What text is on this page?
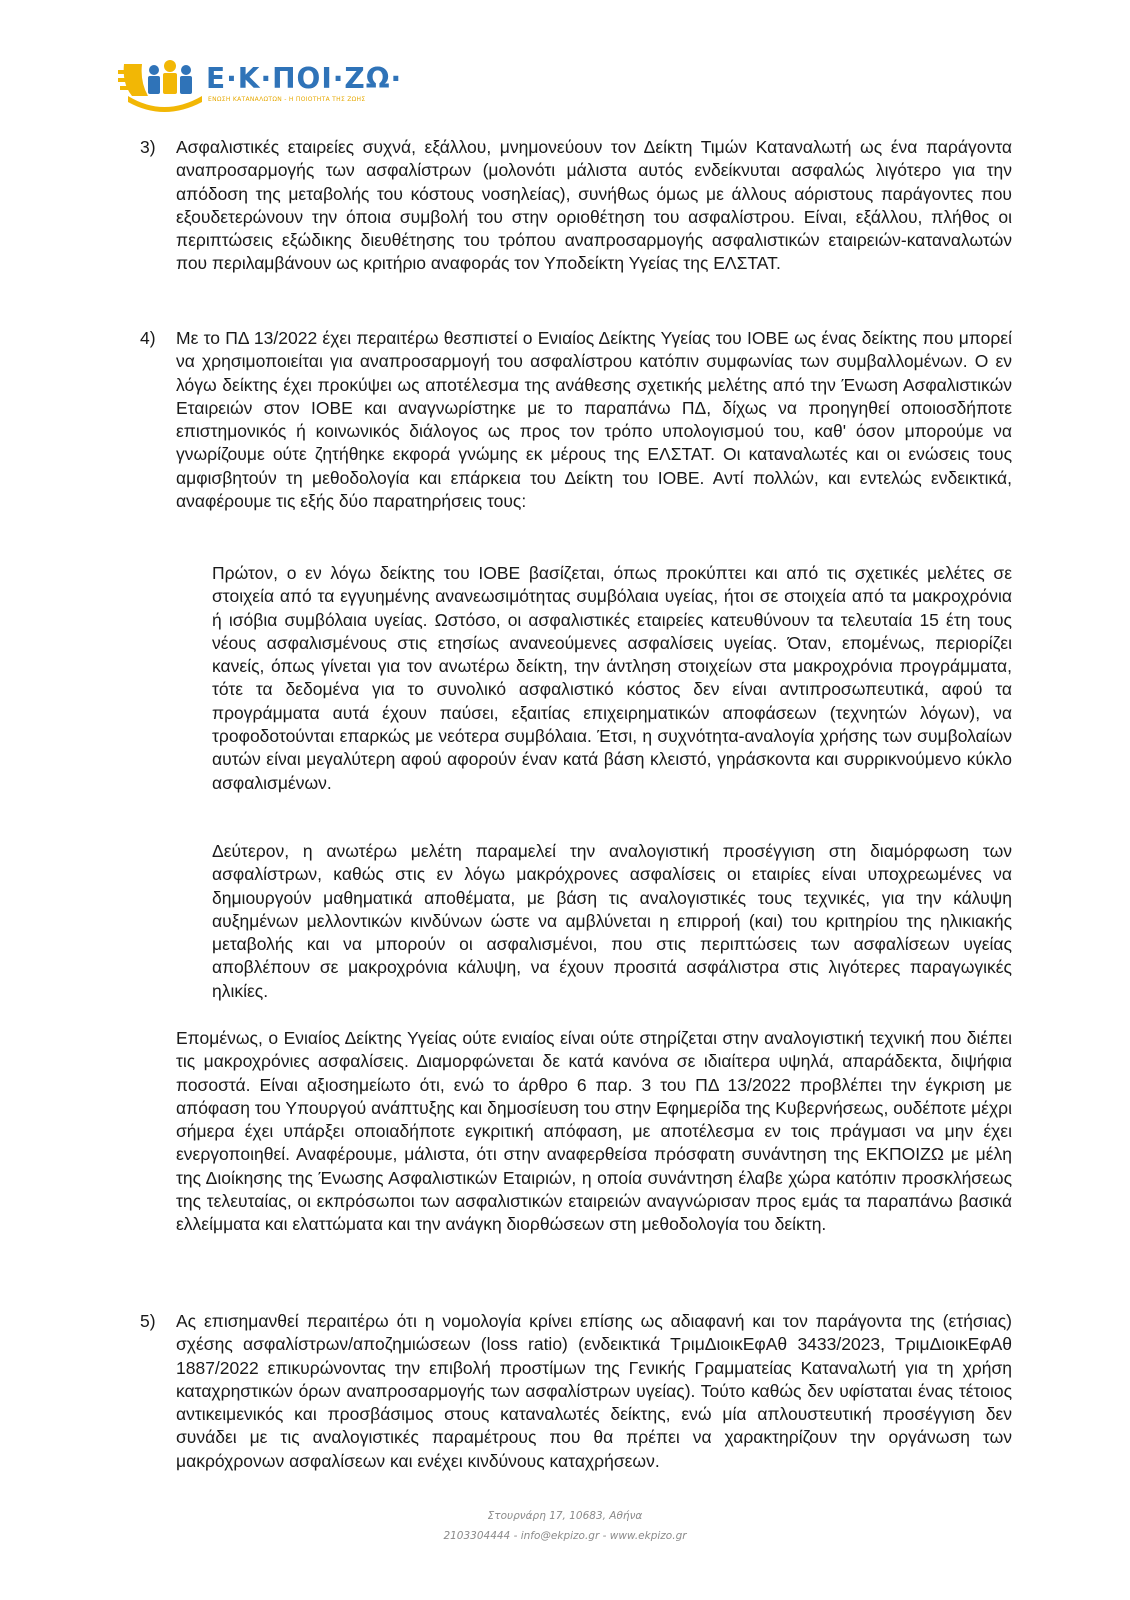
Ε·Κ·ΠΟΙ·ΖΩ·
ΕΝΩΣΗ ΚΑΤΑΝΑΛΩΤΩΝ - Η ΠΟΙΟΤΗΤΑ ΤΗΣ ΖΩΗΣ
3) Ασφαλιστικές εταιρείες συχνά, εξάλλου, μνημονεύουν τον Δείκτη Τιμών Καταναλωτή ως ένα παράγοντα αναπροσαρμογής των ασφαλίστρων (μολονότι μάλιστα αυτός ενδείκνυται ασφαλώς λιγότερο για την απόδοση της μεταβολής του κόστους νοσηλείας), συνήθως όμως με άλλους αόριστους παράγοντες που εξουδετερώνουν την όποια συμβολή του στην οριοθέτηση του ασφαλίστρου. Είναι, εξάλλου, πλήθος οι περιπτώσεις εξώδικης διευθέτησης του τρόπου αναπροσαρμογής ασφαλιστικών εταιρειών-καταναλωτών που περιλαμβάνουν ως κριτήριο αναφοράς τον Υποδείκτη Υγείας της ΕΛΣΤΑΤ.

4) Με το ΠΔ 13/2022 έχει περαιτέρω θεσπιστεί ο Ενιαίος Δείκτης Υγείας του ΙΟΒΕ ως ένας δείκτης που μπορεί να χρησιμοποιείται για αναπροσαρμογή του ασφαλίστρου κατόπιν συμφωνίας των συμβαλλομένων. Ο εν λόγω δείκτης έχει προκύψει ως αποτέλεσμα της ανάθεσης σχετικής μελέτης από την Ένωση Ασφαλιστικών Εταιρειών στον ΙΟΒΕ και αναγνωρίστηκε με το παραπάνω ΠΔ, δίχως να προηγηθεί οποιοσδήποτε επιστημονικός ή κοινωνικός διάλογος ως προς τον τρόπο υπολογισμού του, καθ' όσον μπορούμε να γνωρίζουμε ούτε ζητήθηκε εκφορά γνώμης εκ μέρους της ΕΛΣΤΑΤ. Οι καταναλωτές και οι ενώσεις τους αμφισβητούν τη μεθοδολογία και επάρκεια του Δείκτη του ΙΟΒΕ. Αντί πολλών, και εντελώς ενδεικτικά, αναφέρουμε τις εξής δύο παρατηρήσεις τους:

Πρώτον, ο εν λόγω δείκτης του ΙΟΒΕ βασίζεται, όπως προκύπτει και από τις σχετικές μελέτες σε στοιχεία από τα εγγυημένης ανανεωσιμότητας συμβόλαια υγείας, ήτοι σε στοιχεία από τα μακροχρόνια ή ισόβια συμβόλαια υγείας. Ωστόσο, οι ασφαλιστικές εταιρείες κατευθύνουν τα τελευταία 15 έτη τους νέους ασφαλισμένους στις ετησίως ανανεούμενες ασφαλίσεις υγείας. Όταν, επομένως, περιορίζει κανείς, όπως γίνεται για τον ανωτέρω δείκτη, την άντληση στοιχείων στα μακροχρόνια προγράμματα, τότε τα δεδομένα για το συνολικό ασφαλιστικό κόστος δεν είναι αντιπροσωπευτικά, αφού τα προγράμματα αυτά έχουν παύσει, εξαιτίας επιχειρηματικών αποφάσεων (τεχνητών λόγων), να τροφοδοτούνται επαρκώς με νεότερα συμβόλαια. Έτσι, η συχνότητα-αναλογία χρήσης των συμβολαίων αυτών είναι μεγαλύτερη αφού αφορούν έναν κατά βάση κλειστό, γηράσκοντα και συρρικνούμενο κύκλο ασφαλισμένων.

Δεύτερον, η ανωτέρω μελέτη παραμελεί την αναλογιστική προσέγγιση στη διαμόρφωση των ασφαλίστρων, καθώς στις εν λόγω μακρόχρονες ασφαλίσεις οι εταιρίες είναι υποχρεωμένες να δημιουργούν μαθηματικά αποθέματα, με βάση τις αναλογιστικές τους τεχνικές, για την κάλυψη αυξημένων μελλοντικών κινδύνων ώστε να αμβλύνεται η επιρροή (και) του κριτηρίου της ηλικιακής μεταβολής και να μπορούν οι ασφαλισμένοι, που στις περιπτώσεις των ασφαλίσεων υγείας αποβλέπουν σε μακροχρόνια κάλυψη, να έχουν προσιτά ασφάλιστρα στις λιγότερες παραγωγικές ηλικίες.

Επομένως, ο Ενιαίος Δείκτης Υγείας ούτε ενιαίος είναι ούτε στηρίζεται στην αναλογιστική τεχνική που διέπει τις μακροχρόνιες ασφαλίσεις. Διαμορφώνεται δε κατά κανόνα σε ιδιαίτερα υψηλά, απαράδεκτα, διψήφια ποσοστά. Είναι αξιοσημείωτο ότι, ενώ το άρθρο 6 παρ. 3 του ΠΔ 13/2022 προβλέπει την έγκριση με απόφαση του Υπουργού ανάπτυξης και δημοσίευση του στην Εφημερίδα της Κυβερνήσεως, ουδέποτε μέχρι σήμερα έχει υπάρξει οποιαδήποτε εγκριτική απόφαση, με αποτέλεσμα εν τοις πράγμασι να μην έχει ενεργοποιηθεί. Αναφέρουμε, μάλιστα, ότι στην αναφερθείσα πρόσφατη συνάντηση της ΕΚΠΟΙΖΩ με μέλη της Διοίκησης της Ένωσης Ασφαλιστικών Εταιριών, η οποία συνάντηση έλαβε χώρα κατόπιν προσκλήσεως της τελευταίας, οι εκπρόσωποι των ασφαλιστικών εταιρειών αναγνώρισαν προς εμάς τα παραπάνω βασικά ελλείμματα και ελαττώματα και την ανάγκη διορθώσεων στη μεθοδολογία του δείκτη.

5) Ας επισημανθεί περαιτέρω ότι η νομολογία κρίνει επίσης ως αδιαφανή και τον παράγοντα της (ετήσιας) σχέσης ασφαλίστρων/αποζημιώσεων (loss ratio) (ενδεικτικά ΤριμΔιοικΕφΑθ 3433/2023, ΤριμΔιοικΕφΑθ 1887/2022 επικυρώνοντας την επιβολή προστίμων της Γενικής Γραμματείας Καταναλωτή για τη χρήση καταχρηστικών όρων αναπροσαρμογής των ασφαλίστρων υγείας). Τούτο καθώς δεν υφίσταται ένας τέτοιος αντικειμενικός και προσβάσιμος στους καταναλωτές δείκτης, ενώ μία απλουστευτική προσέγγιση δεν συνάδει με τις αναλογιστικές παραμέτρους που θα πρέπει να χαρακτηρίζουν την οργάνωση των μακρόχρονων ασφαλίσεων και ενέχει κινδύνους καταχρήσεων.

Στουρνάρη 17, 10683, Αθήνα
2103304444 - info@ekpizo.gr - www.ekpizo.gr
